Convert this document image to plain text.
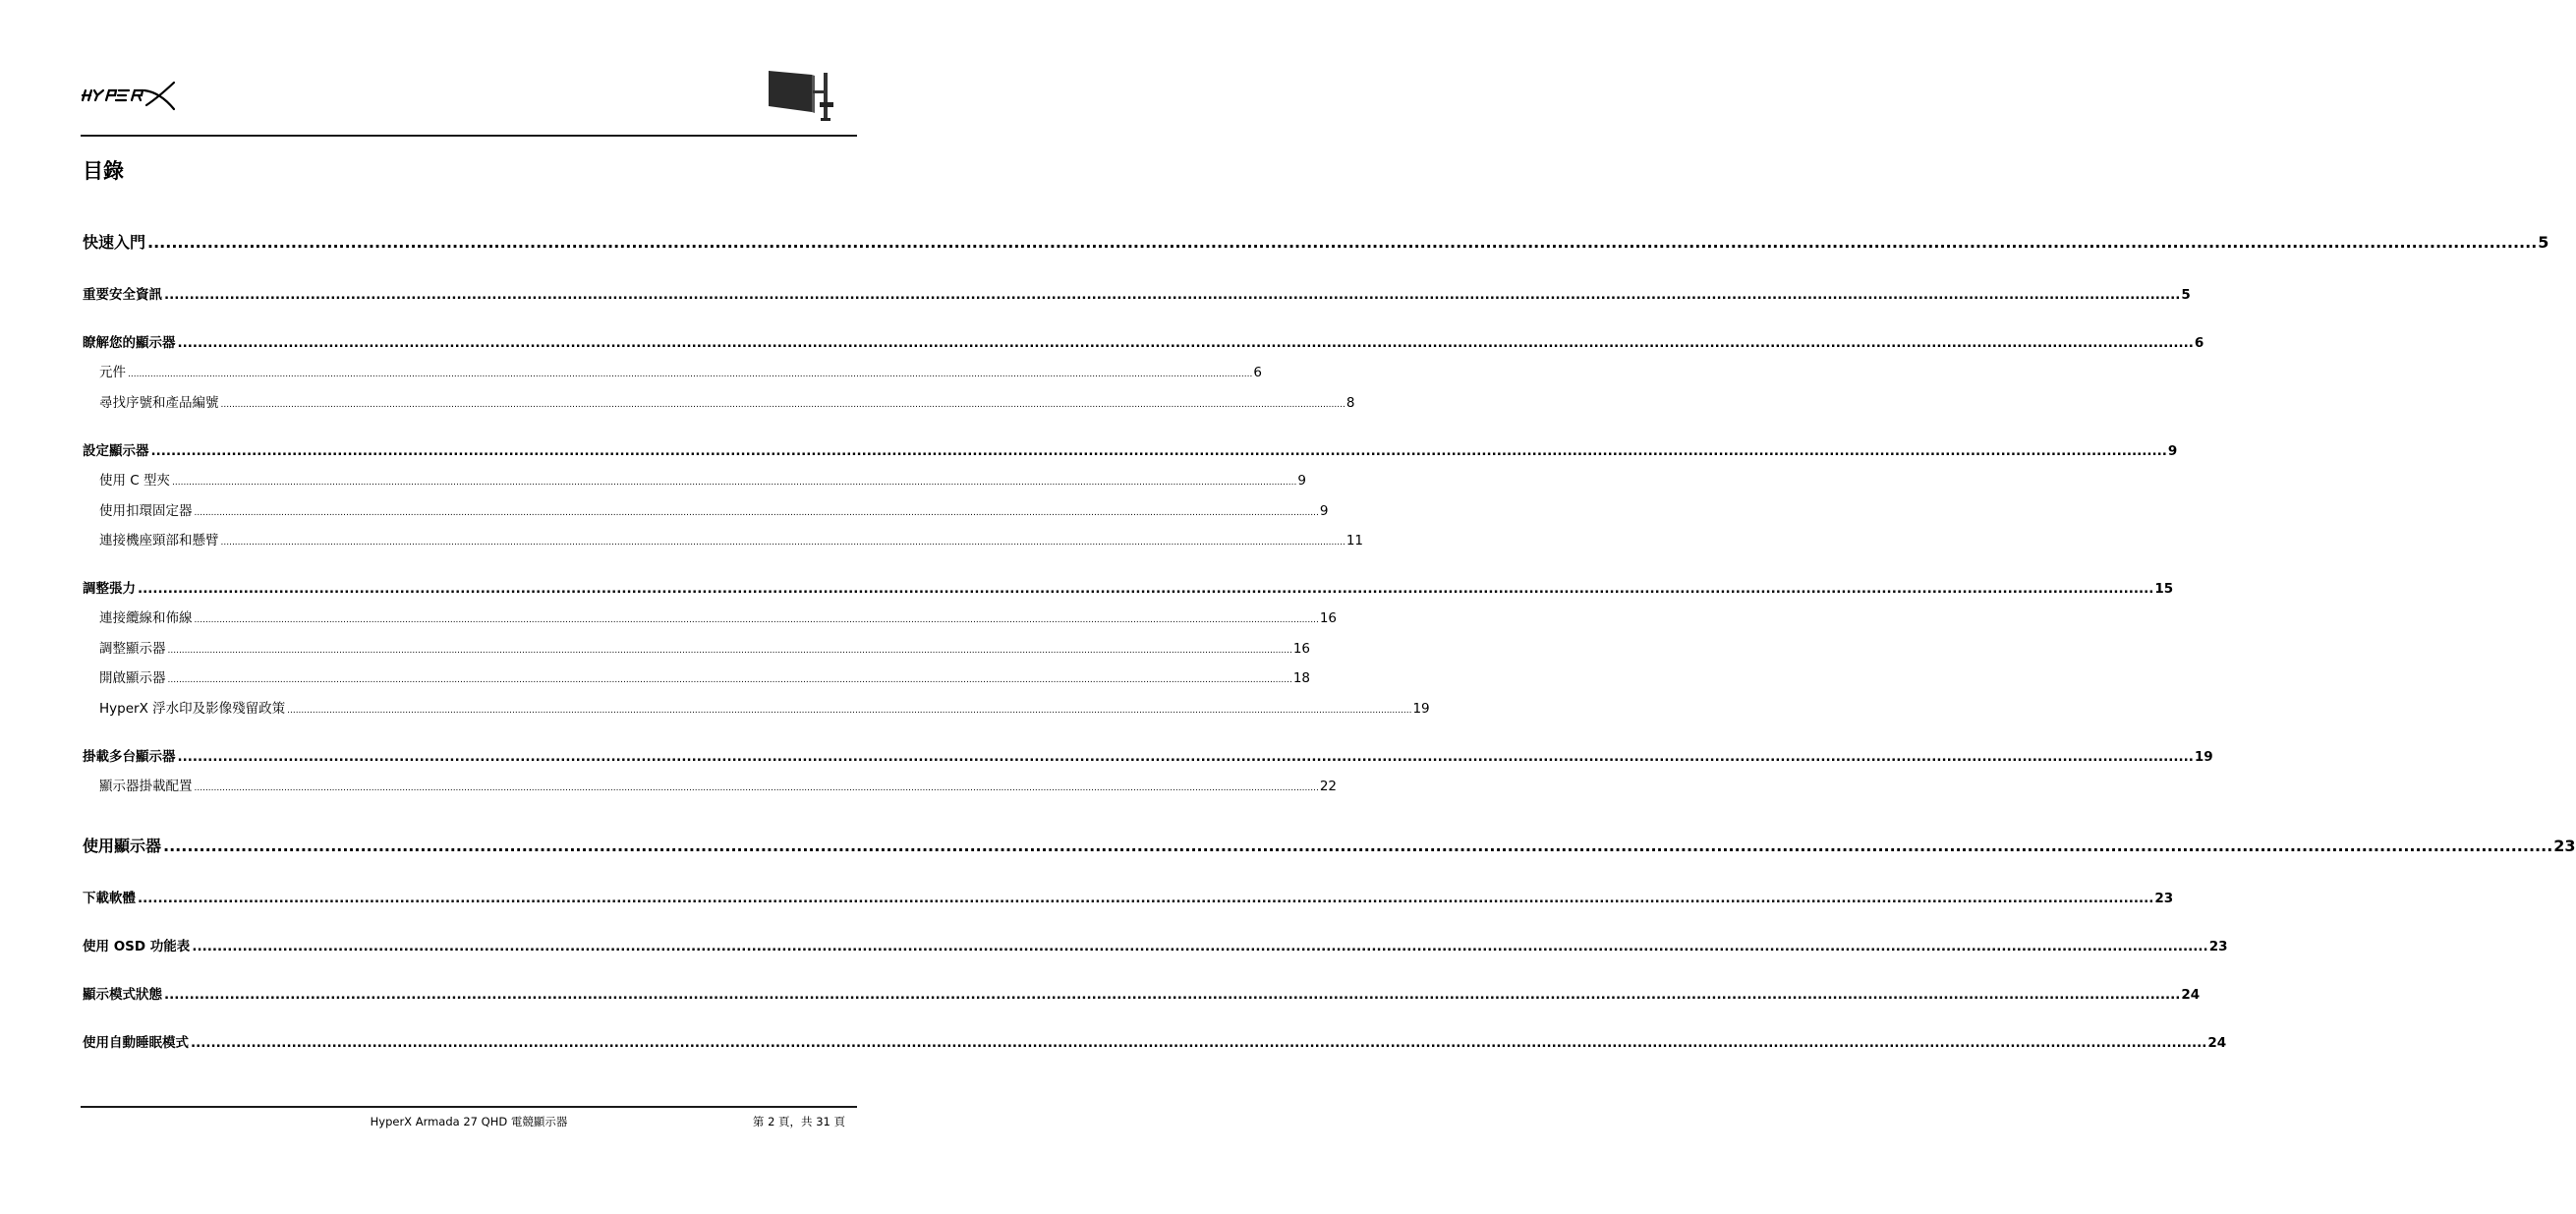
目錄
快速入門 ................................................................................................................................................................................................................................................................................................................................................................................................................ 5
重要安全資訊 ................................................................................................................................................................................................................................................................................................................................................................................................................ 5
瞭解您的顯示器 ................................................................................................................................................................................................................................................................................................................................................................................................................ 6
元件 ................................................................................................................................................................................................................................................................................................................................................................................................................ 6
尋找序號和產品編號 ................................................................................................................................................................................................................................................................................................................................................................................................................ 8
設定顯示器 ................................................................................................................................................................................................................................................................................................................................................................................................................ 9
使用 C 型夾 ................................................................................................................................................................................................................................................................................................................................................................................................................ 9
使用扣環固定器 ................................................................................................................................................................................................................................................................................................................................................................................................................ 9
連接機座頸部和懸臂 ................................................................................................................................................................................................................................................................................................................................................................................................................ 11
調整張力 ................................................................................................................................................................................................................................................................................................................................................................................................................ 15
連接纜線和佈線 ................................................................................................................................................................................................................................................................................................................................................................................................................ 16
調整顯示器 ................................................................................................................................................................................................................................................................................................................................................................................................................ 16
開啟顯示器 ................................................................................................................................................................................................................................................................................................................................................................................................................ 18
HyperX 浮水印及影像殘留政策 ................................................................................................................................................................................................................................................................................................................................................................................................................ 19
掛載多台顯示器 ................................................................................................................................................................................................................................................................................................................................................................................................................ 19
顯示器掛載配置 ................................................................................................................................................................................................................................................................................................................................................................................................................ 22
使用顯示器 ................................................................................................................................................................................................................................................................................................................................................................................................................ 23
下載軟體 ................................................................................................................................................................................................................................................................................................................................................................................................................ 23
使用 OSD 功能表 ................................................................................................................................................................................................................................................................................................................................................................................................................ 23
顯示模式狀態 ................................................................................................................................................................................................................................................................................................................................................................................................................ 24
使用自動睡眠模式 ................................................................................................................................................................................................................................................................................................................................................................................................................ 24
HyperX Armada 27 QHD 電競顯示器	第 2 頁，共 31 頁
